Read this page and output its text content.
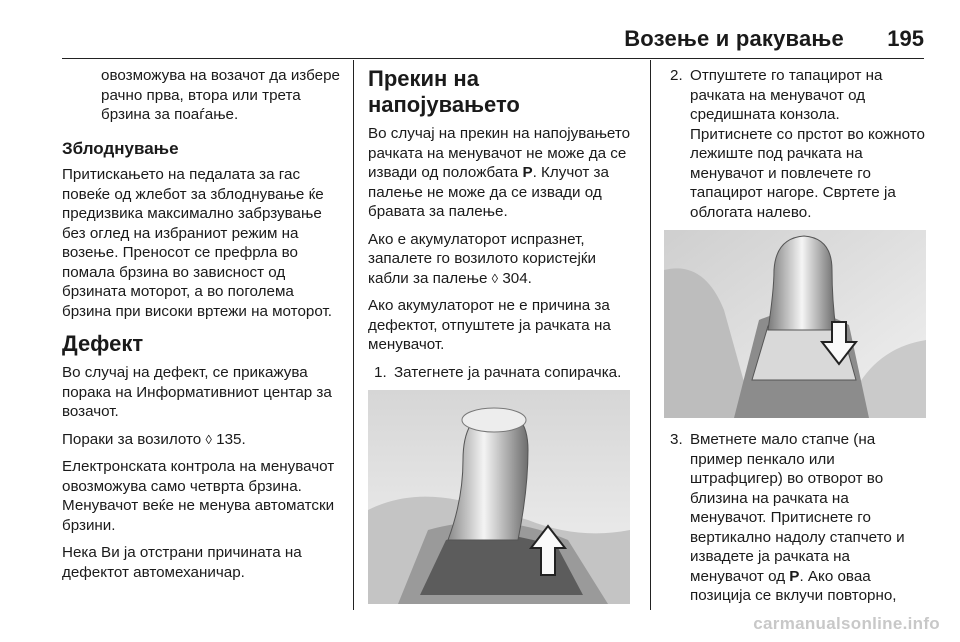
Возење и ракување 195

овозможува на возачот да избере рачно прва, втора или трета брзина за поаѓање.

Зблоднување

Притискањето на педалата за гас повеќе од жлебот за зблоднување ќе предизвика максимално забрзување без оглед на избраниот режим на возење. Преносот се префрла во помала брзина во зависност од брзината моторот, а во поголема брзина при високи вртежи на моторот.

Дефект

Во случај на дефект, се прикажува порака на Информативниот центар за возачот.

Пораки за возилото ◊ 135.

Електронската контрола на менувачот овозможува само четврта брзина. Менувачот веќе не менува автоматски брзини.

Нека Ви ја отстрани причината на дефектот автомеханичар.

Прекин на напојувањето

Во случај на прекин на напојувањето рачката на менувачот не може да се извади од положбата P. Клучот за палење не може да се извади од бравата за палење.

Ако е акумулаторот испразнет, запалете го возилото користејќи кабли за палење ◊ 304.

Ако акумулаторот не е причина за дефектот, отпуштете ја рачката на менувачот.

1. Затегнете ја рачната сопирачка.
2. Отпуштете го тапацирот на рачката на менувачот од средишната конзола. Притиснете со прстот во кожното лежиште под рачката на менувачот и повлечете го тапацирот нагоре. Свртете ја облогата налево.
3. Вметнете мало стапче (на пример пенкало или штрафцигер) во отворот во близина на рачката на менувачот. Притиснете го вертикално надолу стапчето и извадете ја рачката на менувачот од P. Ако оваа позиција се вклучи повторно,
carmanualsonline.info
